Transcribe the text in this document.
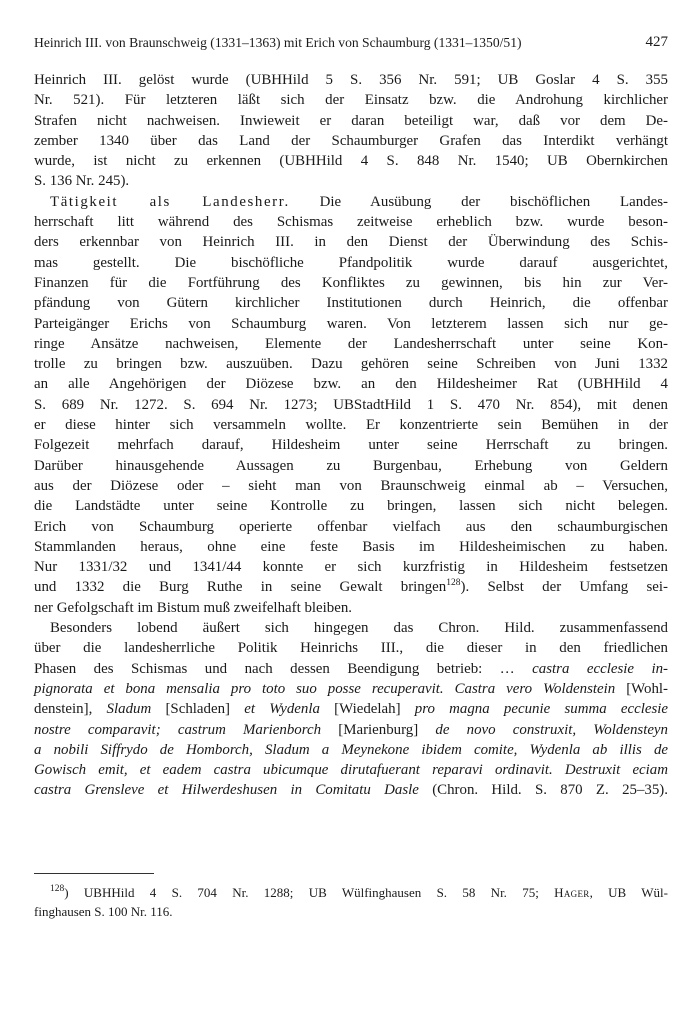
Heinrich III. von Braunschweig (1331–1363) mit Erich von Schaumburg (1331–1350/51)	427
Heinrich III. gelöst wurde (UBHHild 5 S. 356 Nr. 591; UB Goslar 4 S. 355
Nr. 521). Für letzteren läßt sich der Einsatz bzw. die Androhung kirchlicher
Strafen nicht nachweisen. Inwieweit er daran beteiligt war, daß vor dem De-
zember 1340 über das Land der Schaumburger Grafen das Interdikt verhängt
wurde, ist nicht zu erkennen (UBHHild 4 S. 848 Nr. 1540; UB Obernkirchen
S. 136 Nr. 245).
Tätigkeit als Landesherr. Die Ausübung der bischöflichen Landes-
herrschaft litt während des Schismas zeitweise erheblich bzw. wurde beson-
ders erkennbar von Heinrich III. in den Dienst der Überwindung des Schis-
mas gestellt. Die bischöfliche Pfandpolitik wurde darauf ausgerichtet,
Finanzen für die Fortführung des Konfliktes zu gewinnen, bis hin zur Ver-
pfändung von Gütern kirchlicher Institutionen durch Heinrich, die offenbar
Parteigänger Erichs von Schaumburg waren. Von letzterem lassen sich nur ge-
ringe Ansätze nachweisen, Elemente der Landesherrschaft unter seine Kon-
trolle zu bringen bzw. auszuüben. Dazu gehören seine Schreiben von Juni 1332
an alle Angehörigen der Diözese bzw. an den Hildesheimer Rat (UBHHild 4
S. 689 Nr. 1272. S. 694 Nr. 1273; UBStadtHild 1 S. 470 Nr. 854), mit denen
er diese hinter sich versammeln wollte. Er konzentrierte sein Bemühen in der
Folgezeit mehrfach darauf, Hildesheim unter seine Herrschaft zu bringen.
Darüber hinausgehende Aussagen zu Burgenbau, Erhebung von Geldern
aus der Diözese oder – sieht man von Braunschweig einmal ab – Versuchen,
die Landstädte unter seine Kontrolle zu bringen, lassen sich nicht belegen.
Erich von Schaumburg operierte offenbar vielfach aus den schaumburgischen
Stammlanden heraus, ohne eine feste Basis im Hildesheimischen zu haben.
Nur 1331/32 und 1341/44 konnte er sich kurzfristig in Hildesheim festsetzen
und 1332 die Burg Ruthe in seine Gewalt bringen$^{128}$). Selbst der Umfang sei-
ner Gefolgschaft im Bistum muß zweifelhaft bleiben.
Besonders lobend äußert sich hingegen das Chron. Hild. zusammenfassend
über die landesherrliche Politik Heinrichs III., die dieser in den friedlichen
Phasen des Schismas und nach dessen Beendigung betrieb: … castra ecclesie in-
pignorata et bona mensalia pro toto suo posse recuperavit. Castra vero Woldenstein [Wohl-
denstein], Sladum [Schladen] et Wydenla [Wiedelah] pro magna pecunie summa ecclesie
nostre comparavit; castrum Marienborch [Marienburg] de novo construxit, Woldensteyn
a nobili Siffrydo de Homborch, Sladum a Meynekone ibidem comite, Wydenla ab illis de
Gowisch emit, et eadem castra ubicumque dirutafuerant reparavi ordinavit. Destruxit eciam
castra Grensleve et Hilwerdeshusen in Comitatu Dasle (Chron. Hild. S. 870 Z. 25–35).
$^{128}$) UBHHild 4 S. 704 Nr. 1288; UB Wülfinghausen S. 58 Nr. 75; Hager, UB Wül-
finghausen S. 100 Nr. 116.
